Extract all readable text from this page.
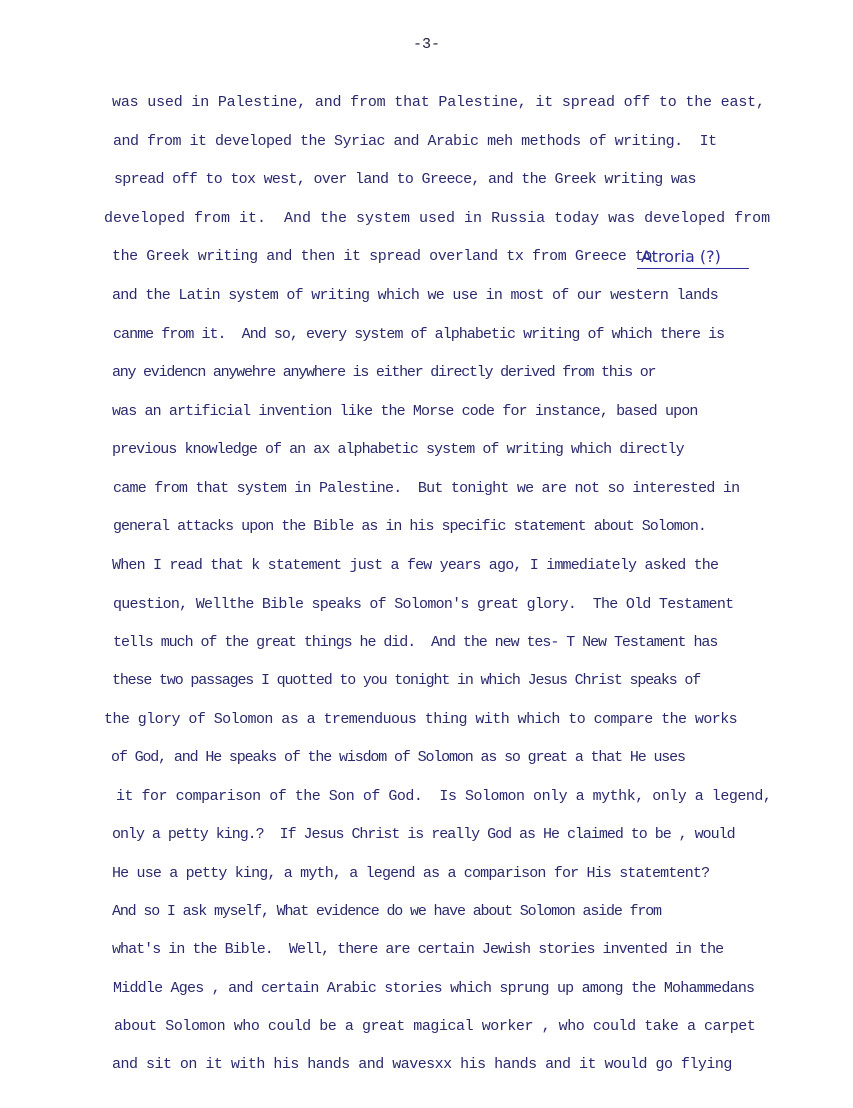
-3-
was used in Palestine, and from that Palestine, it spread off to the east,
and from it developed the Syriac and Arabic meh methods of writing.  It
spread off to tox west, over land to Greece, and the Greek writing was
developed from it.  And the system used in Russia today was developed from
the Greek writing and then it spread overland tx from Greece to
and the Latin system of writing which we use in most of our western lands
canme from it.  And so, every system of alphabetic writing of which there is
any evidencn anywehre anywhere is either directly derived from this or
was an artificial invention like the Morse code for instance, based upon
previous knowledge of an ax alphabetic system of writing which directly
came from that system in Palestine.  But tonight we are not so interested in
general attacks upon the Bible as in his specific statement about Solomon.
When I read that k statement just a few years ago, I immediately asked the
question, Wellthe Bible speaks of Solomon's great glory.  The Old Testament
tells much of the great things he did.  And the new tes- T New Testament has
these two passages I quotted to you tonight in which Jesus Christ speaks of
the glory of Solomon as a tremenduous thing with which to compare the works
of God, and He speaks of the wisdom of Solomon as so great a that He uses
it for comparison of the Son of God.  Is Solomon only a mythk, only a legend,
only a petty king.?  If Jesus Christ is really God as He claimed to be , would
He use a petty king, a myth, a legend as a comparison for His statemtent?
And so I ask myself, What evidence do we have about Solomon aside from
what's in the Bible.  Well, there are certain Jewish stories invented in the
Middle Ages , and certain Arabic stories which sprung up among the Mohammedans
about Solomon who could be a great magical worker , who could take a carpet
and sit on it with his hands and wavesxx his hands and it would go flying
Atroria (?)
